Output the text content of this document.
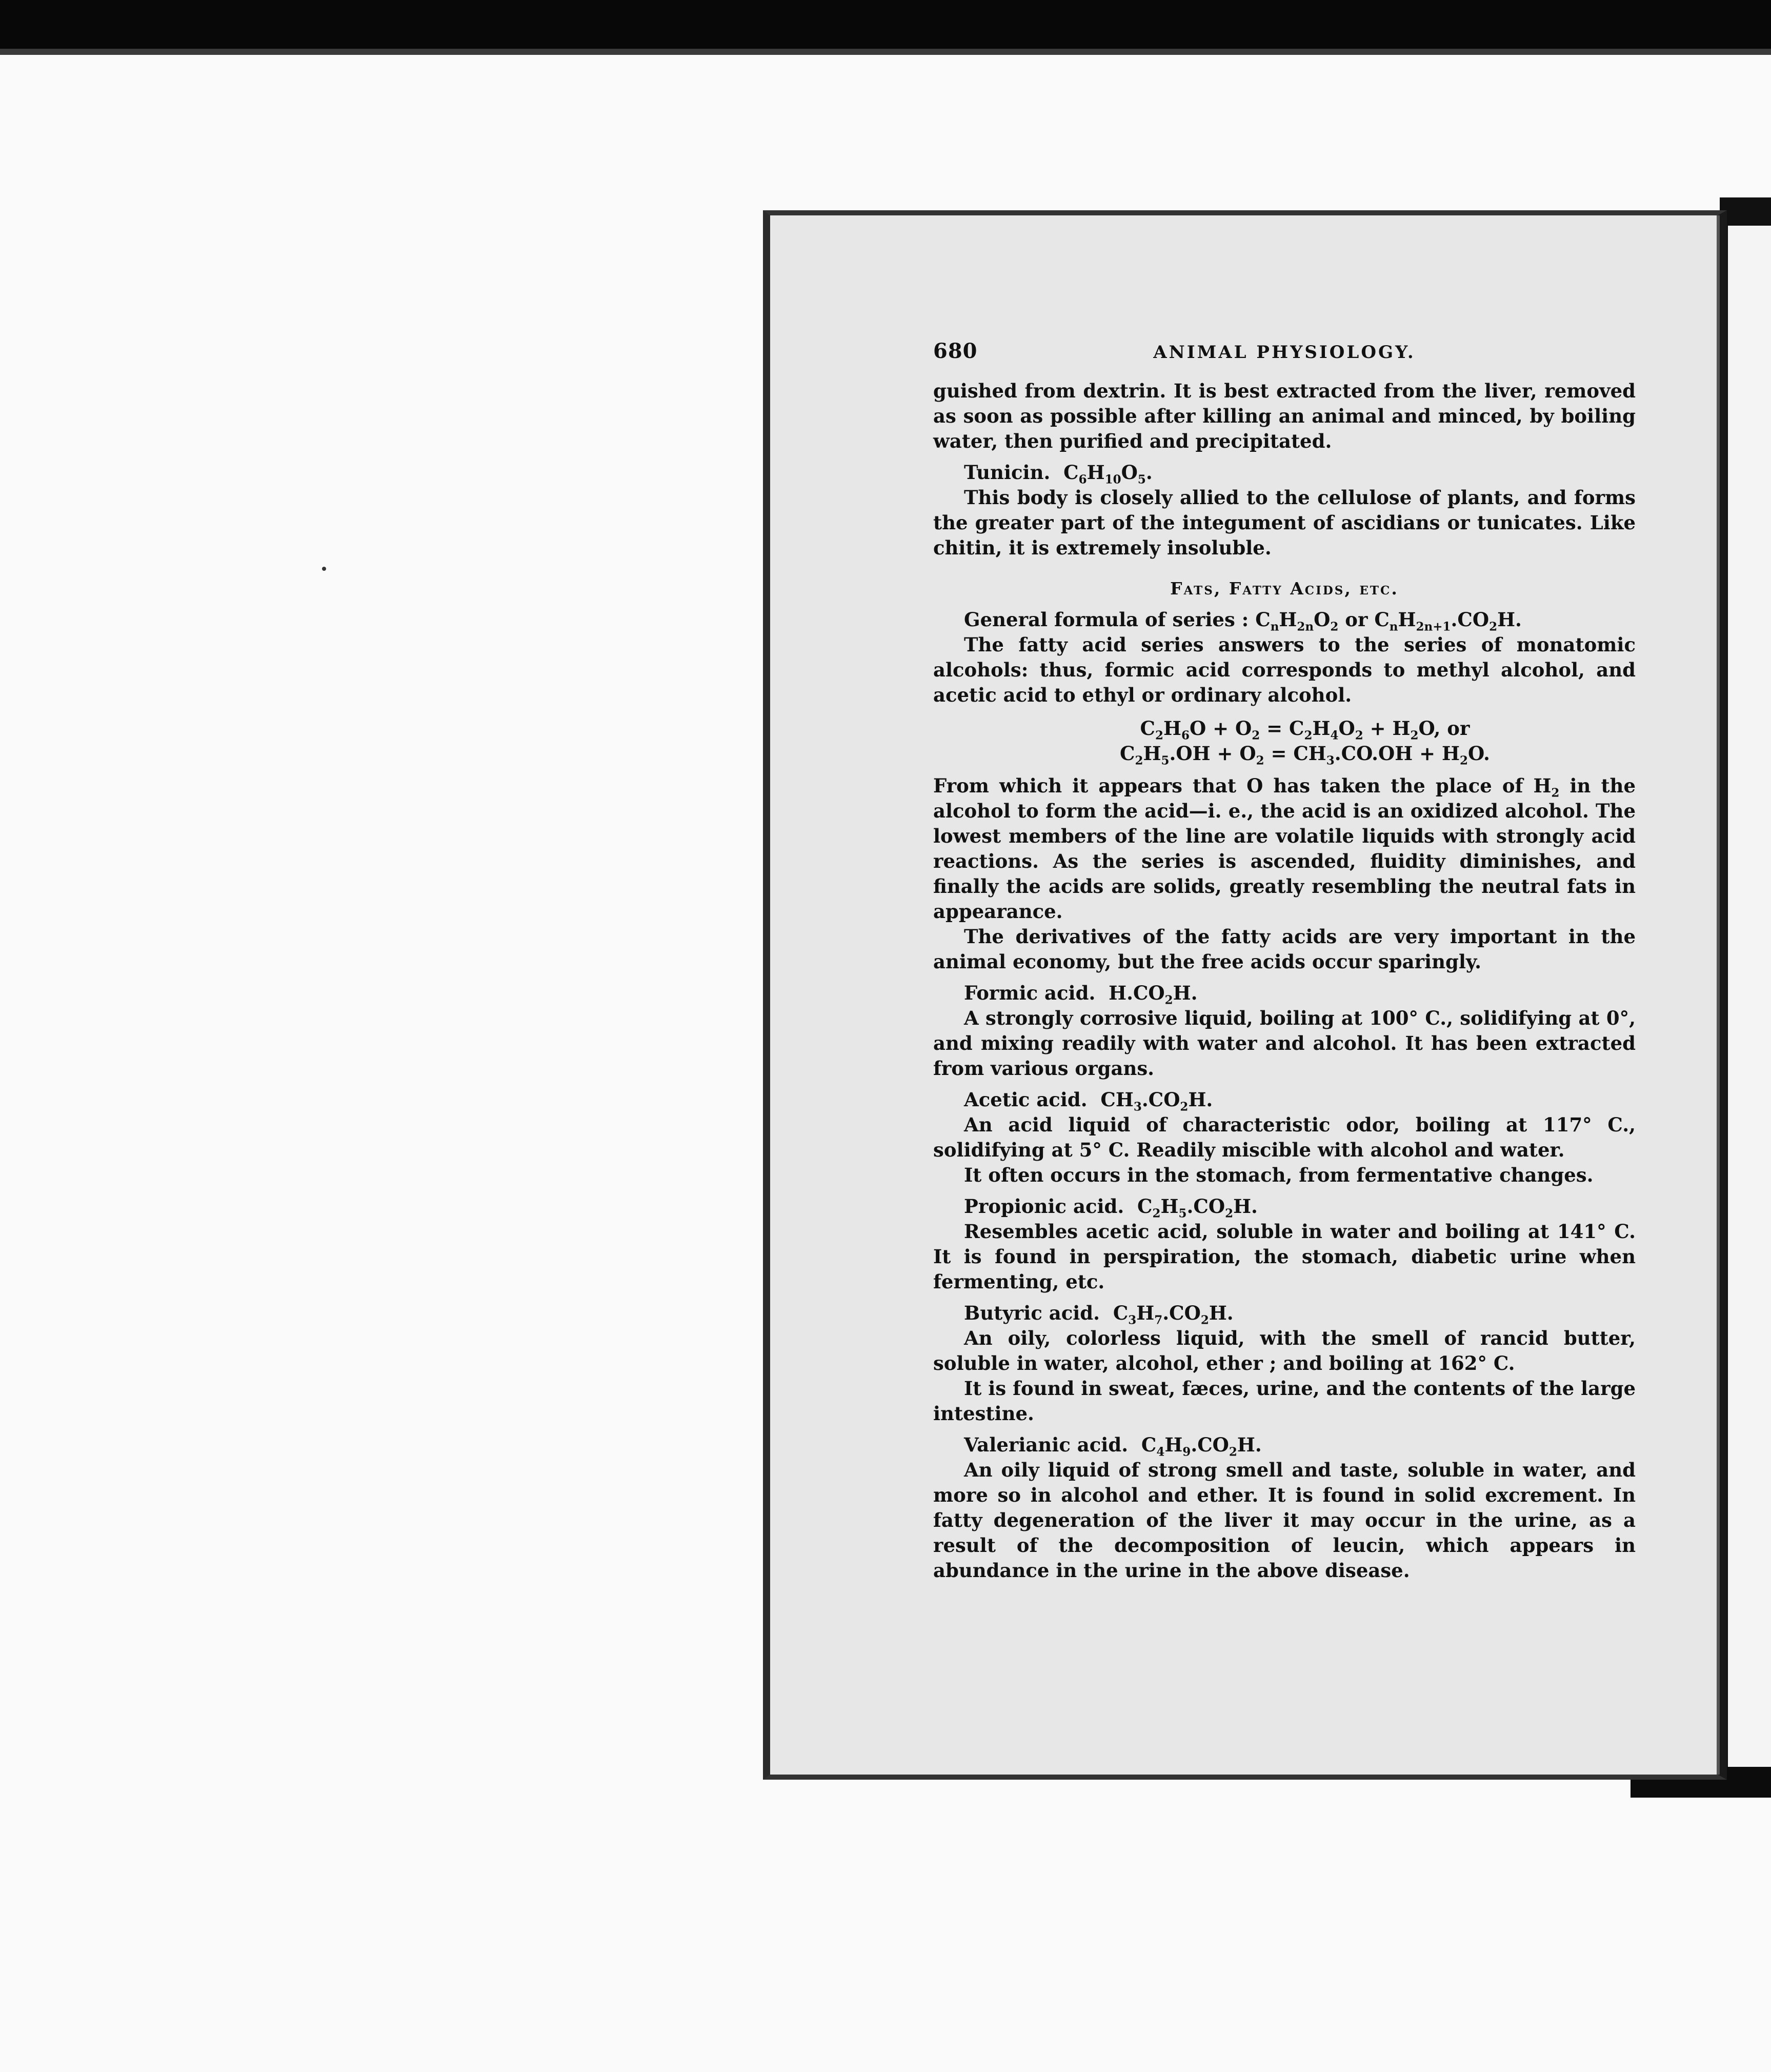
680	ANIMAL PHYSIOLOGY.

guished from dextrin. It is best extracted from the liver, removed as soon as possible after killing an animal and minced, by boiling water, then purified and precipitated.

Tunicin. $C_6H_{10}O_5$.

This body is closely allied to the cellulose of plants, and forms the greater part of the integument of ascidians or tunicates. Like chitin, it is extremely insoluble.

Fats, Fatty Acids, etc.

General formula of series : $C_nH_{2n}O_2$ or $C_nH_{2n+1}.CO_2H$.

The fatty acid series answers to the series of monatomic alcohols: thus, formic acid corresponds to methyl alcohol, and acetic acid to ethyl or ordinary alcohol.

$C_2H_6O + O_2 = C_2H_4O_2 + H_2O$, or
$C_2H_5.OH + O_2 = CH_3.CO.OH + H_2O$.

From which it appears that O has taken the place of $H_2$ in the alcohol to form the acid—i. e., the acid is an oxidized alcohol. The lowest members of the line are volatile liquids with strongly acid reactions. As the series is ascended, fluidity diminishes, and finally the acids are solids, greatly resembling the neutral fats in appearance.

The derivatives of the fatty acids are very important in the animal economy, but the free acids occur sparingly.

Formic acid. $H.CO_2H$.

A strongly corrosive liquid, boiling at 100° C., solidifying at 0°, and mixing readily with water and alcohol. It has been extracted from various organs.

Acetic acid. $CH_3.CO_2H$.

An acid liquid of characteristic odor, boiling at 117° C., solidifying at 5° C. Readily miscible with alcohol and water.

It often occurs in the stomach, from fermentative changes.

Propionic acid. $C_2H_5.CO_2H$.

Resembles acetic acid, soluble in water and boiling at 141° C. It is found in perspiration, the stomach, diabetic urine when fermenting, etc.

Butyric acid. $C_3H_7.CO_2H$.

An oily, colorless liquid, with the smell of rancid butter, soluble in water, alcohol, ether ; and boiling at 162° C.

It is found in sweat, fæces, urine, and the contents of the large intestine.

Valerianic acid. $C_4H_9.CO_2H$.

An oily liquid of strong smell and taste, soluble in water, and more so in alcohol and ether. It is found in solid excrement. In fatty degeneration of the liver it may occur in the urine, as a result of the decomposition of leucin, which appears in abundance in the urine in the above disease.
